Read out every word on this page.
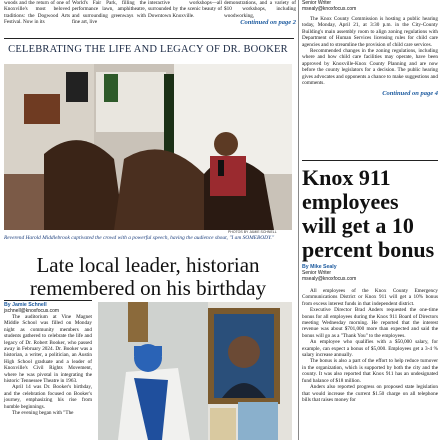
woods and the return of one of Knoxville's most beloved traditions: the Dogwood Arts Festival. Now in its
World's Fair Park, filling the performance lawn, amphitheatre, and surrounding greenways with fine art, live
interactive workshops—all surrounded by the scenic beauty of Downtown Knoxville.
demonstrations, and a variety of $10 workshops, including woodworking,
Continued on page 2
CELEBRATING THE LIFE AND LEGACY OF DR. BOOKER
PHOTOS BY JAMIE SCHNELL
Reverend Harold Middlebrook captivated the crowd with a powerful speech, having the audience shout, "I am SOMEBODY."
Late local leader, historian remembered on his birthday
By Jamie Schnell
jschnell@knoxfocus.com

The auditorium at Vine Magnet Middle School was filled on Monday night as community members and students gathered to celebrate the life and legacy of Dr. Robert Booker, who passed away in February 2024. Dr. Booker was a historian, a writer, a politician, an Austin High School graduate and a leader of Knoxville's Civil Rights Movement, where he was pivotal in integrating the historic Tennessee Theatre in 1963.

April 14 was Dr. Booker's birthday, and the celebration focused on Booker's journey, emphasizing his rise from humble beginnings.

The evening began with "The

Senior Writer
msealy@knoxfocus.com

The Knox County Commission is hosting a public hearing today, Monday, April 21, at 3:30 p.m. in the City-County Building's main assembly room to align zoning regulations with Department of Human Services licensing rules for child care agencies and to streamline the provision of child care services.

Recommended changes in the zoning regulations, including where and how child care facilities may operate, have been approved by Knoxville-Knox County Planning and are now before the county legislators for a decision. The public hearing gives advocates and opponents a chance to make suggestions and comments.

Continued on page 4
Knox 911 employees will get a 10 percent bonus
By Mike Sealy
Senior Writer
msealy@knoxfocus.com

All employees of the Knox County Emergency Communications District or Knox 911 will get a 10% bonus from excess interest funds in that independent district.

Executive Director Brad Anders requested the one-time bonus for all employees during the Knox 911 Board of Directors meeting Wednesday morning. He reported that the interest revenue was about $701,000 more than expected and said the bonus will go as a "Thank You" to the employees.

An employee who qualifies with a $50,000 salary, for example, can expect a bonus of $5,000. Employees get a 3-4 % salary increase annually.

The bonus is also a part of the effort to help reduce turnover in the organization, which is supported by both the city and the county. It was also reported that Knox 911 has an undesignated fund balance of $18 million.

Anders also reported progress on proposed state legislation that would increase the current $1.50 charge on all telephone bills that raises money for
